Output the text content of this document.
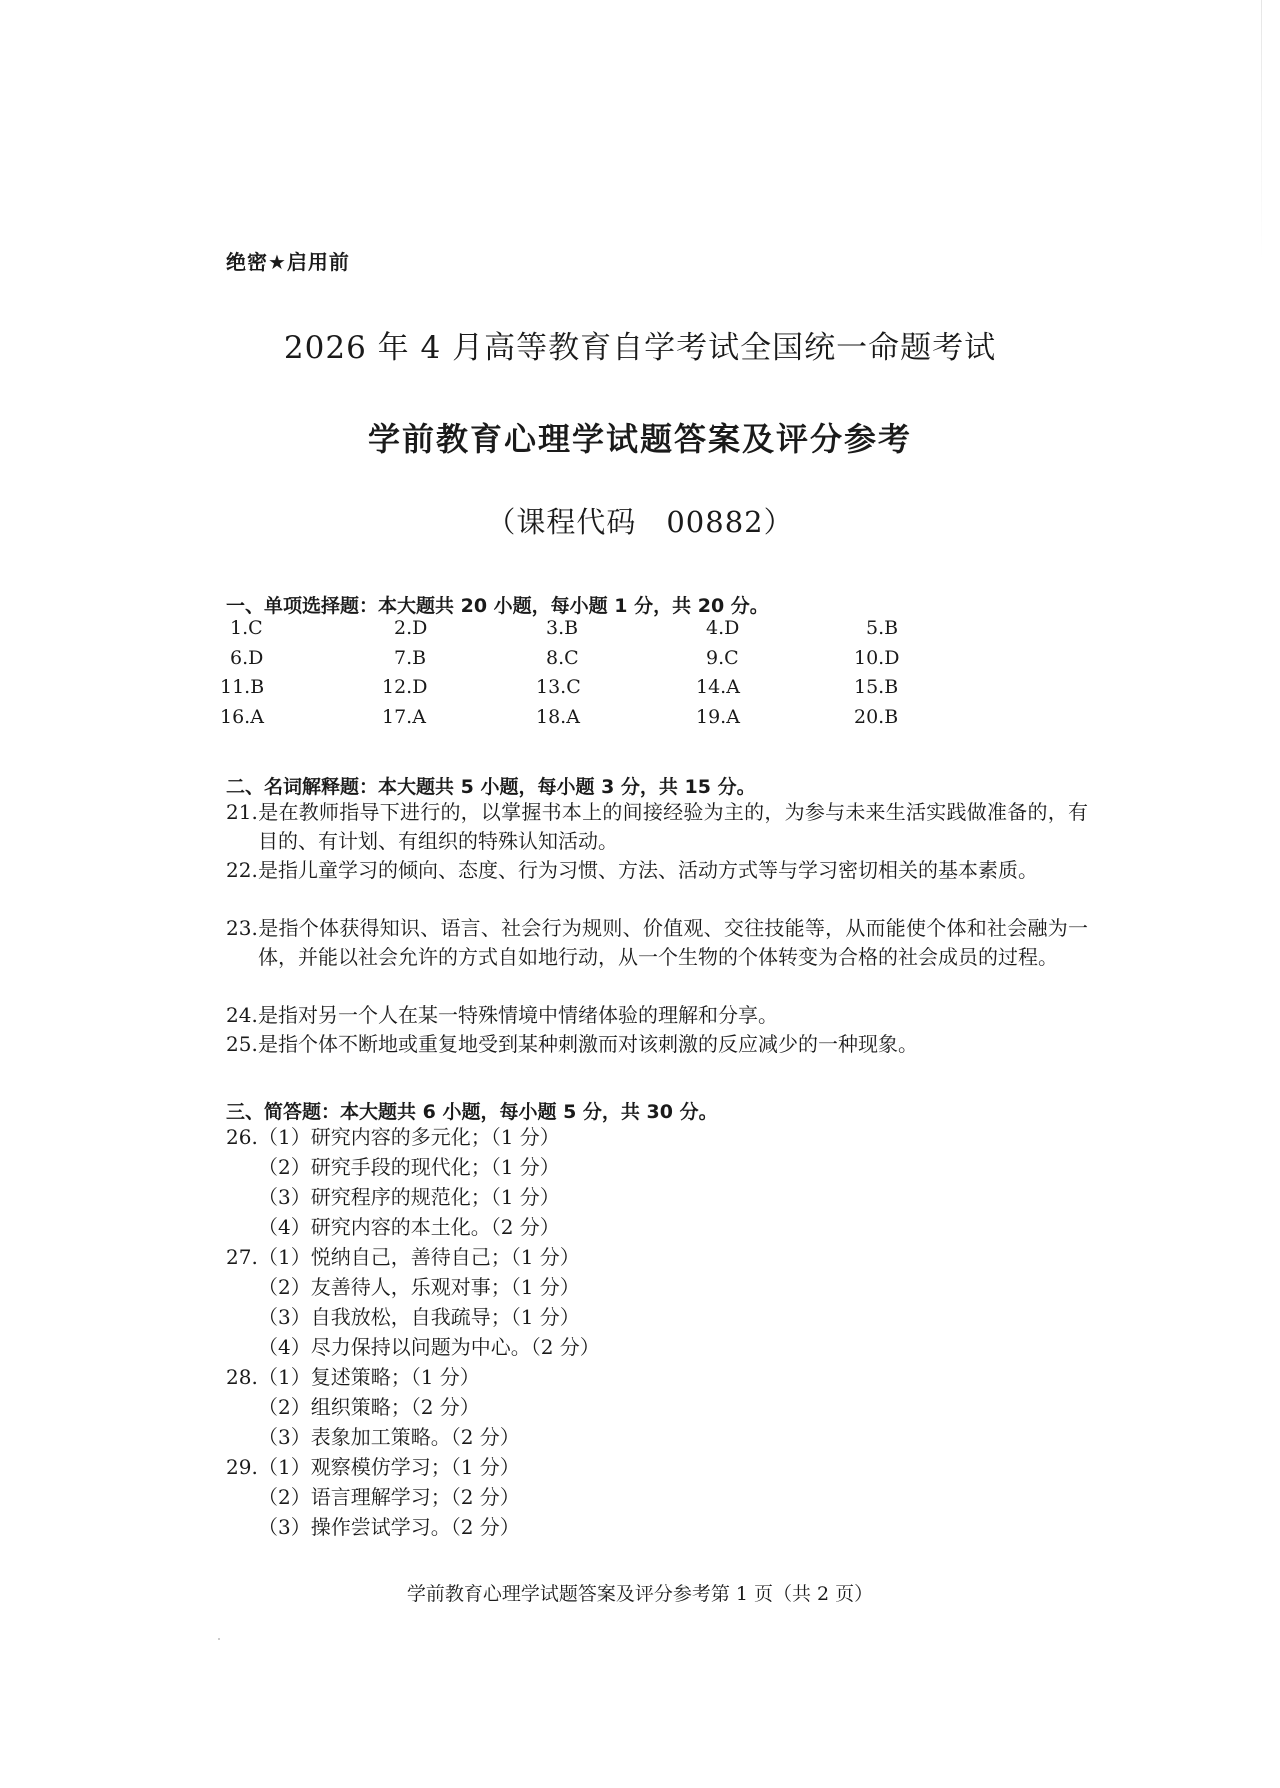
绝密★启用前
2026 年 4 月高等教育自学考试全国统一命题考试
学前教育心理学试题答案及评分参考
（课程代码　00882）
一、单项选择题：本大题共 20 小题，每小题 1 分，共 20 分。
1.C	2.D	3.B	4.D	5.B
6.D	7.B	8.C	9.C	10.D
11.B	12.D	13.C	14.A	15.B
16.A	17.A	18.A	19.A	20.B
二、名词解释题：本大题共 5 小题，每小题 3 分，共 15 分。
21.是在教师指导下进行的，以掌握书本上的间接经验为主的，为参与未来生活实践做准备的，有目的、有计划、有组织的特殊认知活动。
22.是指儿童学习的倾向、态度、行为习惯、方法、活动方式等与学习密切相关的基本素质。
23.是指个体获得知识、语言、社会行为规则、价值观、交往技能等，从而能使个体和社会融为一体，并能以社会允许的方式自如地行动，从一个生物的个体转变为合格的社会成员的过程。
24.是指对另一个人在某一特殊情境中情绪体验的理解和分享。
25.是指个体不断地或重复地受到某种刺激而对该刺激的反应减少的一种现象。
三、简答题：本大题共 6 小题，每小题 5 分，共 30 分。
26.（1）研究内容的多元化；（1 分）
（2）研究手段的现代化；（1 分）
（3）研究程序的规范化；（1 分）
（4）研究内容的本土化。（2 分）
27.（1）悦纳自己，善待自己；（1 分）
（2）友善待人，乐观对事；（1 分）
（3）自我放松，自我疏导；（1 分）
（4）尽力保持以问题为中心。（2 分）
28.（1）复述策略；（1 分）
（2）组织策略；（2 分）
（3）表象加工策略。（2 分）
29.（1）观察模仿学习；（1 分）
（2）语言理解学习；（2 分）
（3）操作尝试学习。（2 分）
学前教育心理学试题答案及评分参考第 1 页（共 2 页）
